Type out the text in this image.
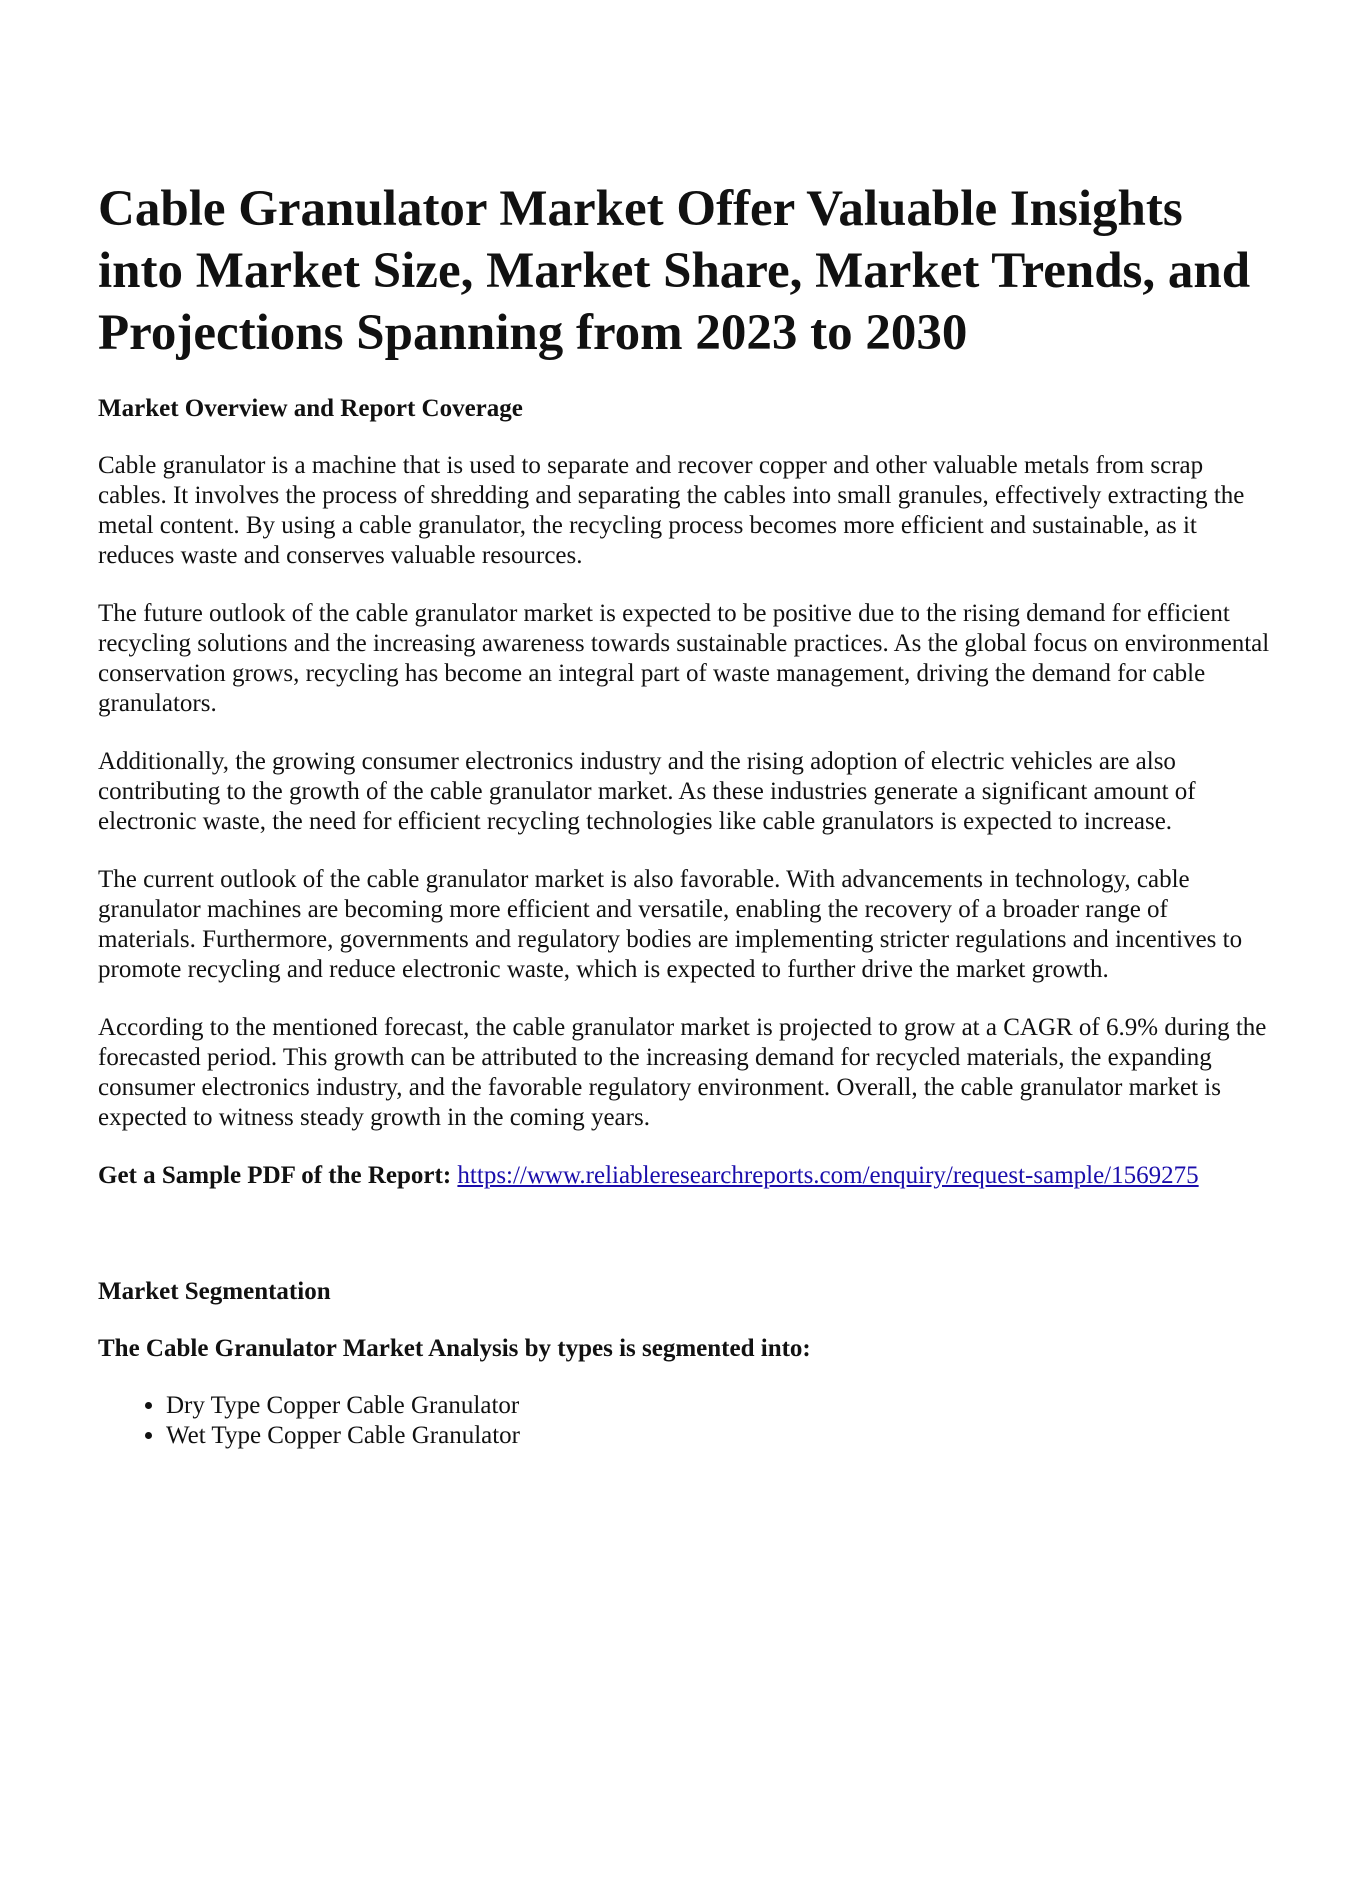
Cable Granulator Market Offer Valuable Insights into Market Size, Market Share, Market Trends, and Projections Spanning from 2023 to 2030
Market Overview and Report Coverage

Cable granulator is a machine that is used to separate and recover copper and other valuable metals from scrap cables. It involves the process of shredding and separating the cables into small granules, effectively extracting the metal content. By using a cable granulator, the recycling process becomes more efficient and sustainable, as it reduces waste and conserves valuable resources.

The future outlook of the cable granulator market is expected to be positive due to the rising demand for efficient recycling solutions and the increasing awareness towards sustainable practices. As the global focus on environmental conservation grows, recycling has become an integral part of waste management, driving the demand for cable granulators.

Additionally, the growing consumer electronics industry and the rising adoption of electric vehicles are also contributing to the growth of the cable granulator market. As these industries generate a significant amount of electronic waste, the need for efficient recycling technologies like cable granulators is expected to increase.

The current outlook of the cable granulator market is also favorable. With advancements in technology, cable granulator machines are becoming more efficient and versatile, enabling the recovery of a broader range of materials. Furthermore, governments and regulatory bodies are implementing stricter regulations and incentives to promote recycling and reduce electronic waste, which is expected to further drive the market growth.

According to the mentioned forecast, the cable granulator market is projected to grow at a CAGR of 6.9% during the forecasted period. This growth can be attributed to the increasing demand for recycled materials, the expanding consumer electronics industry, and the favorable regulatory environment. Overall, the cable granulator market is expected to witness steady growth in the coming years.

Get a Sample PDF of the Report: https://www.reliableresearchreports.com/enquiry/request-sample/1569275

Market Segmentation
The Cable Granulator Market Analysis by types is segmented into:
• Dry Type Copper Cable Granulator
• Wet Type Copper Cable Granulator
